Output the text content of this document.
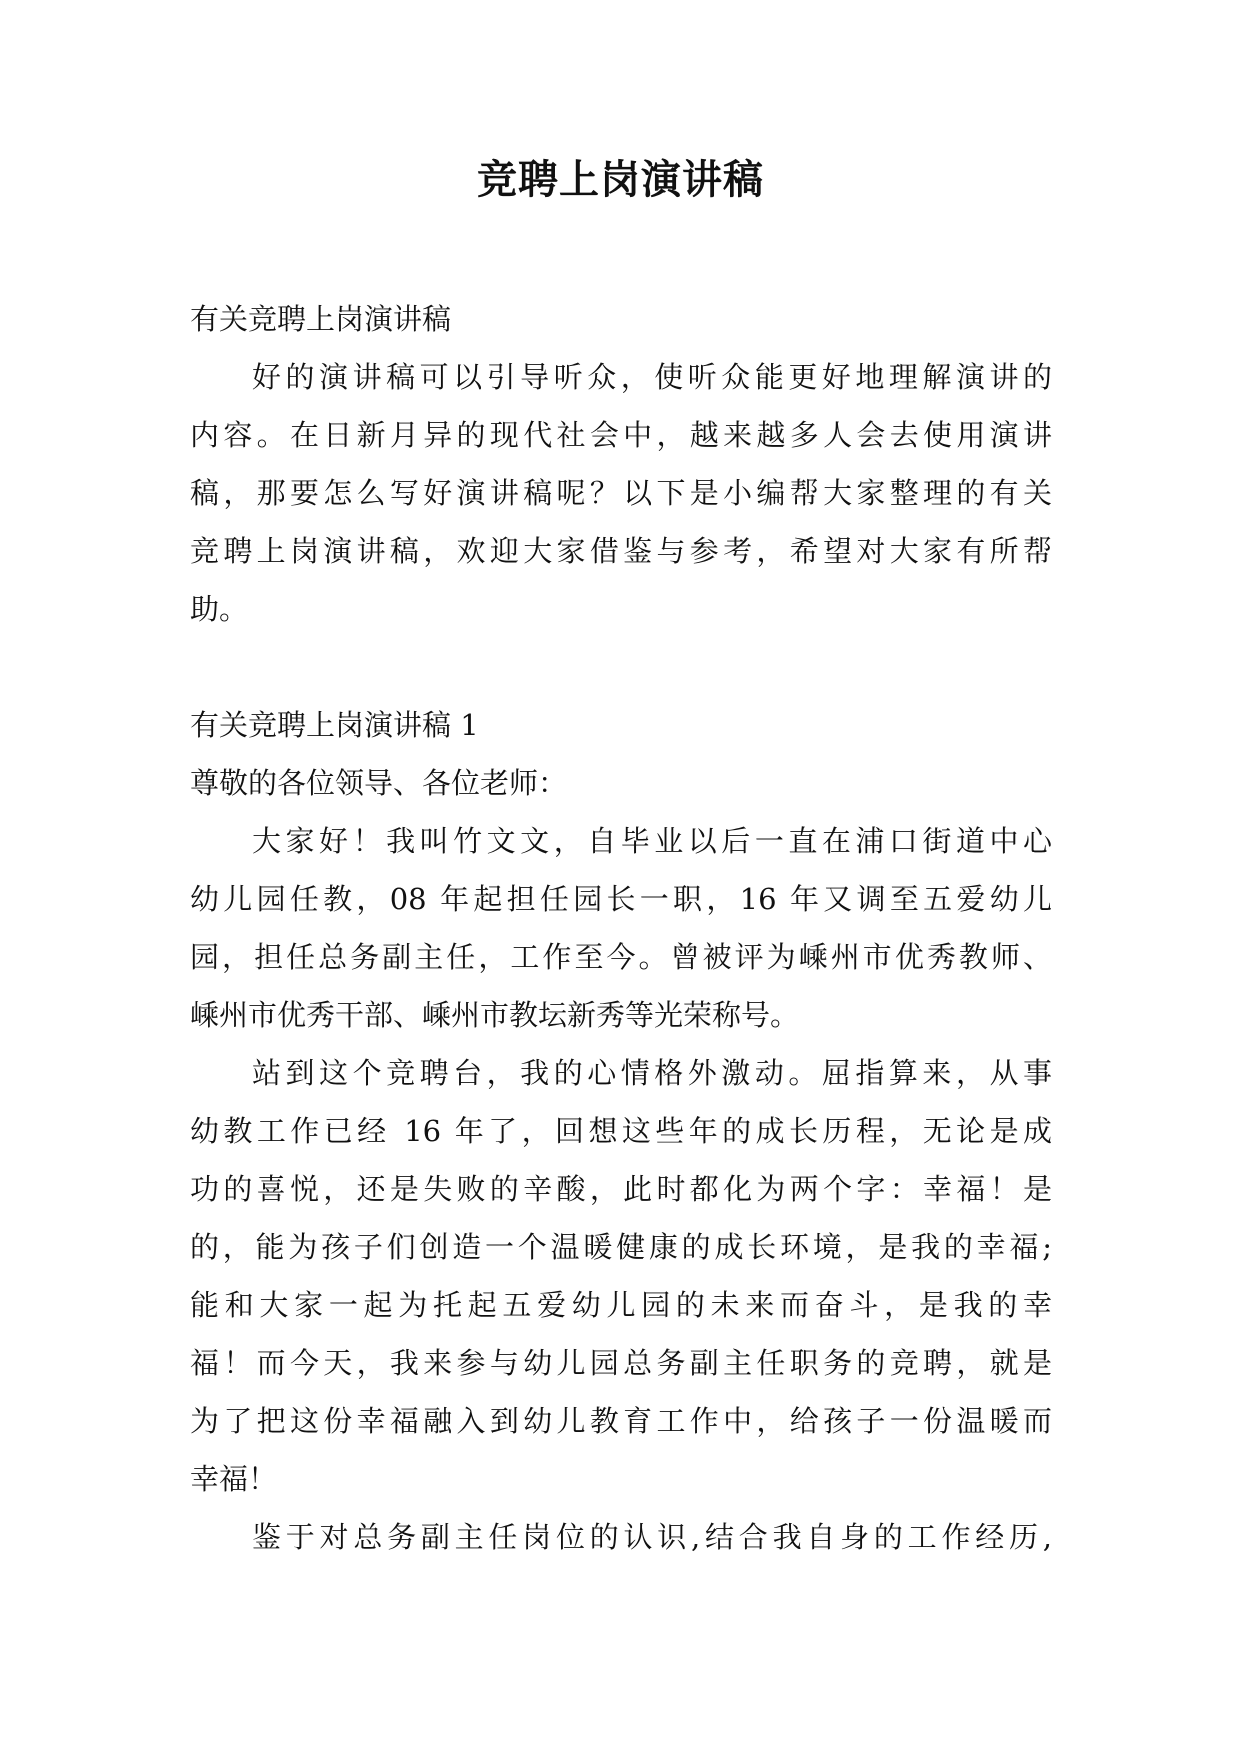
竞聘上岗演讲稿
有关竞聘上岗演讲稿
好的演讲稿可以引导听众，使听众能更好地理解演讲的
内容。在日新月异的现代社会中，越来越多人会去使用演讲
稿，那要怎么写好演讲稿呢？以下是小编帮大家整理的有关
竞聘上岗演讲稿，欢迎大家借鉴与参考，希望对大家有所帮
助。
有关竞聘上岗演讲稿 1
尊敬的各位领导、各位老师：
大家好！我叫竹文文，自毕业以后一直在浦口街道中心
幼儿园任教，08 年起担任园长一职，16 年又调至五爱幼儿
园，担任总务副主任，工作至今。曾被评为嵊州市优秀教师、
嵊州市优秀干部、嵊州市教坛新秀等光荣称号。
站到这个竞聘台，我的心情格外激动。屈指算来，从事
幼教工作已经 16 年了，回想这些年的成长历程，无论是成
功的喜悦，还是失败的辛酸，此时都化为两个字：幸福！是
的，能为孩子们创造一个温暖健康的成长环境，是我的幸福;
能和大家一起为托起五爱幼儿园的未来而奋斗，是我的幸
福！而今天，我来参与幼儿园总务副主任职务的竞聘，就是
为了把这份幸福融入到幼儿教育工作中，给孩子一份温暖而
幸福！
鉴于对总务副主任岗位的认识,结合我自身的工作经历,
